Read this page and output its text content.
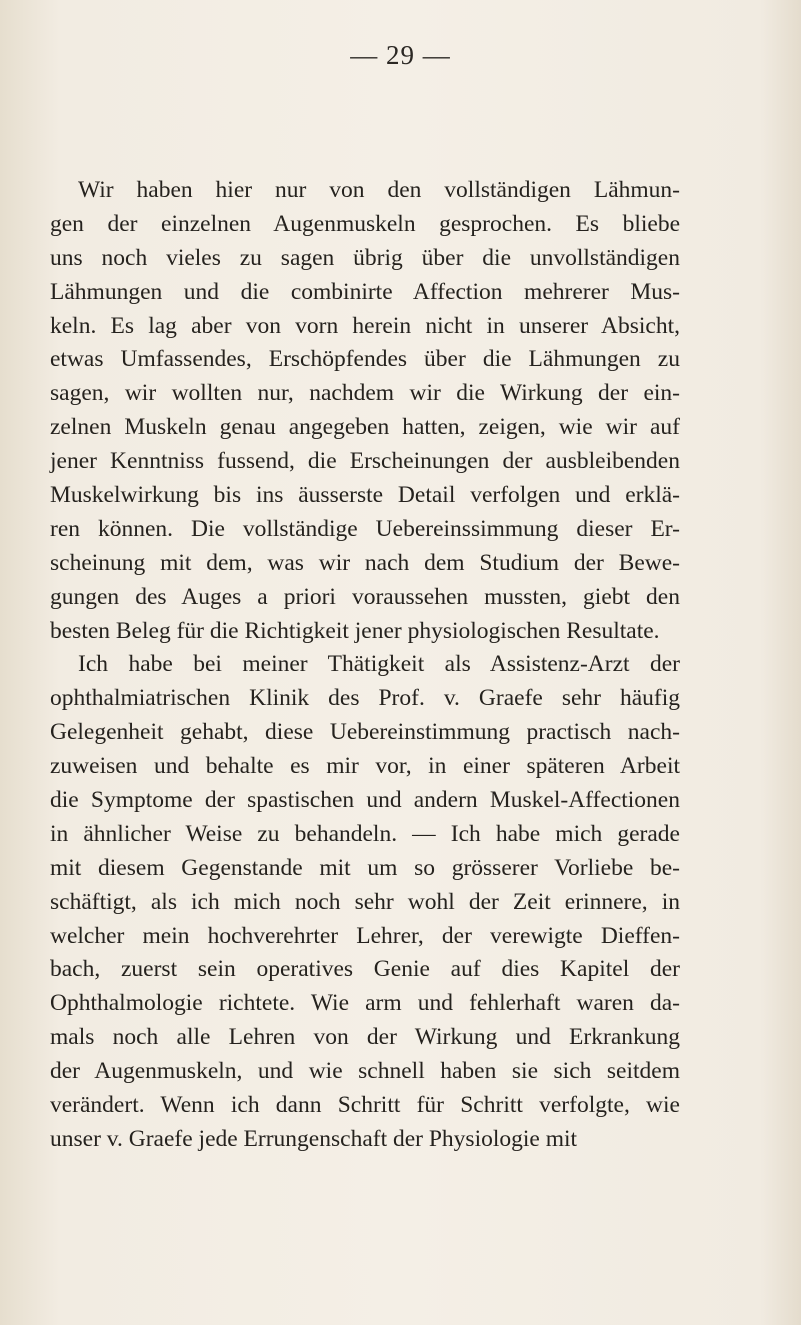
— 29 —
Wir haben hier nur von den vollständigen Lähmun-
gen der einzelnen Augenmuskeln gesprochen. Es bliebe
uns noch vieles zu sagen übrig über die unvollständigen
Lähmungen und die combinirte Affection mehrerer Mus-
keln. Es lag aber von vorn herein nicht in unserer Absicht,
etwas Umfassendes, Erschöpfendes über die Lähmungen zu
sagen, wir wollten nur, nachdem wir die Wirkung der ein-
zelnen Muskeln genau angegeben hatten, zeigen, wie wir auf
jener Kenntniss fussend, die Erscheinungen der ausbleibenden
Muskelwirkung bis ins äusserste Detail verfolgen und erklä-
ren können. Die vollständige Uebereinssimmung dieser Er-
scheinung mit dem, was wir nach dem Studium der Bewe-
gungen des Auges a priori voraussehen mussten, giebt den
besten Beleg für die Richtigkeit jener physiologischen Resultate.
Ich habe bei meiner Thätigkeit als Assistenz-Arzt der
ophthalmiatrischen Klinik des Prof. v. Graefe sehr häufig
Gelegenheit gehabt, diese Uebereinstimmung practisch nach-
zuweisen und behalte es mir vor, in einer späteren Arbeit
die Symptome der spastischen und andern Muskel-Affectionen
in ähnlicher Weise zu behandeln. — Ich habe mich gerade
mit diesem Gegenstande mit um so grösserer Vorliebe be-
schäftigt, als ich mich noch sehr wohl der Zeit erinnere, in
welcher mein hochverehrter Lehrer, der verewigte Dieffen-
bach, zuerst sein operatives Genie auf dies Kapitel der
Ophthalmologie richtete. Wie arm und fehlerhaft waren da-
mals noch alle Lehren von der Wirkung und Erkrankung
der Augenmuskeln, und wie schnell haben sie sich seitdem
verändert. Wenn ich dann Schritt für Schritt verfolgte, wie
unser v. Graefe jede Errungenschaft der Physiologie mit
